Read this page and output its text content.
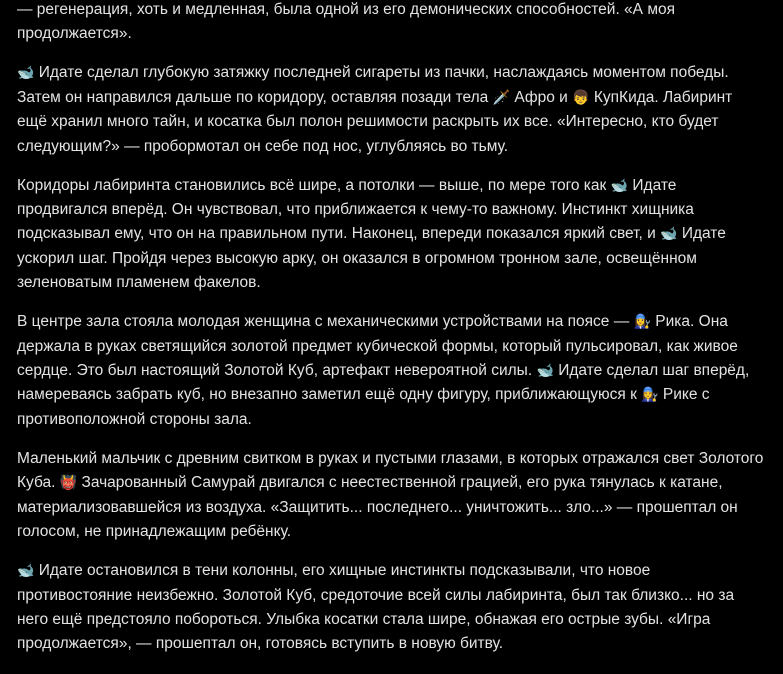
— регенерация, хоть и медленная, была одной из его демонических способностей. «А моя продолжается».

🐋 Идате сделал глубокую затяжку последней сигареты из пачки, наслаждаясь моментом победы. Затем он направился дальше по коридору, оставляя позади тела 🗡️ Афро и 👦 КупКида. Лабиринт ещё хранил много тайн, и косатка был полон решимости раскрыть их все. «Интересно, кто будет следующим?» — пробормотал он себе под нос, углубляясь во тьму.

Коридоры лабиринта становились всё шире, а потолки — выше, по мере того как 🐋 Идате продвигался вперёд. Он чувствовал, что приближается к чему-то важному. Инстинкт хищника подсказывал ему, что он на правильном пути. Наконец, впереди показался яркий свет, и 🐋 Идате ускорил шаг. Пройдя через высокую арку, он оказался в огромном тронном зале, освещённом зеленоватым пламенем факелов.

В центре зала стояла молодая женщина с механическими устройствами на поясе — 👩‍🔧 Рика. Она держала в руках светящийся золотой предмет кубической формы, который пульсировал, как живое сердце. Это был настоящий Золотой Куб, артефакт невероятной силы. 🐋 Идате сделал шаг вперёд, намереваясь забрать куб, но внезапно заметил ещё одну фигуру, приближающуюся к 👩‍🔧 Рике с противоположной стороны зала.

Маленький мальчик с древним свитком в руках и пустыми глазами, в которых отражался свет Золотого Куба. 👹 Зачарованный Самурай двигался с неестественной грацией, его рука тянулась к катане, материализовавшейся из воздуха. «Защитить... последнего... уничтожить... зло...» — прошептал он голосом, не принадлежащим ребёнку.

🐋 Идате остановился в тени колонны, его хищные инстинкты подсказывали, что новое противостояние неизбежно. Золотой Куб, средоточие всей силы лабиринта, был так близко... но за него ещё предстояло побороться. Улыбка косатки стала шире, обнажая его острые зубы. «Игра продолжается», — прошептал он, готовясь вступить в новую битву.
